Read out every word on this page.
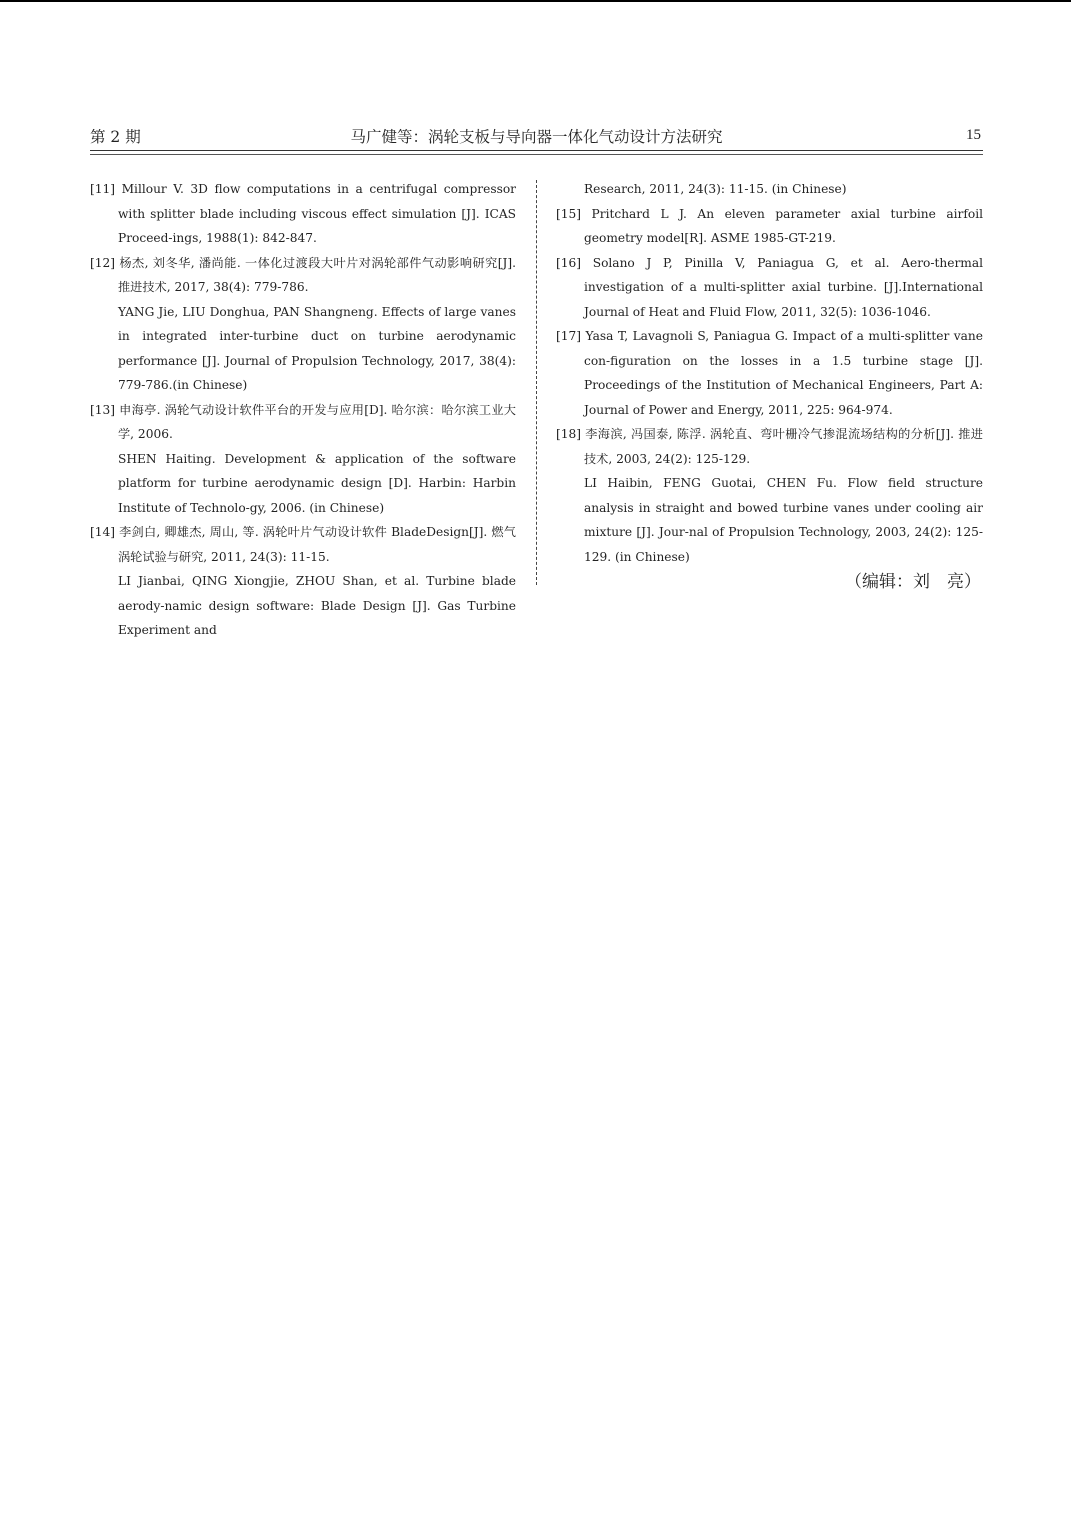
第 2 期	马广健等：涡轮支板与导向器一体化气动设计方法研究	15
[11] Millour V. 3D flow computations in a centrifugal compressor with splitter blade including viscous effect simulation [J]. ICAS Proceed-ings, 1988(1): 842-847.
[12] 杨杰, 刘冬华, 潘尚能. 一体化过渡段大叶片对涡轮部件气动影响研究[J]. 推进技术, 2017, 38(4): 779-786.
YANG Jie, LIU Donghua, PAN Shangneng. Effects of large vanes in integrated inter-turbine duct on turbine aerodynamic performance [J]. Journal of Propulsion Technology, 2017, 38(4): 779-786.(in Chinese)
[13] 申海亭. 涡轮气动设计软件平台的开发与应用[D]. 哈尔滨：哈尔滨工业大学, 2006.
SHEN Haiting. Development & application of the software platform for turbine aerodynamic design [D]. Harbin: Harbin Institute of Technolo-gy, 2006. (in Chinese)
[14] 李剑白, 卿雄杰, 周山, 等. 涡轮叶片气动设计软件 BladeDesign[J]. 燃气涡轮试验与研究, 2011, 24(3): 11-15.
LI Jianbai, QING Xiongjie, ZHOU Shan, et al. Turbine blade aerody-namic design software: Blade Design [J]. Gas Turbine Experiment and
Research, 2011, 24(3): 11-15. (in Chinese)
[15] Pritchard L J. An eleven parameter axial turbine airfoil geometry model[R]. ASME 1985-GT-219.
[16] Solano J P, Pinilla V, Paniagua G, et al. Aero-thermal investigation of a multi-splitter axial turbine. [J].International Journal of Heat and Fluid Flow, 2011, 32(5): 1036-1046.
[17] Yasa T, Lavagnoli S, Paniagua G. Impact of a multi-splitter vane con-figuration on the losses in a 1.5 turbine stage [J]. Proceedings of the Institution of Mechanical Engineers, Part A: Journal of Power and Energy, 2011, 225: 964-974.
[18] 李海滨, 冯国泰, 陈浮. 涡轮直、弯叶栅冷气掺混流场结构的分析[J]. 推进技术, 2003, 24(2): 125-129.
LI Haibin, FENG Guotai, CHEN Fu. Flow field structure analysis in straight and bowed turbine vanes under cooling air mixture [J]. Jour-nal of Propulsion Technology, 2003, 24(2): 125-129. (in Chinese)
（编辑：刘　亮）
